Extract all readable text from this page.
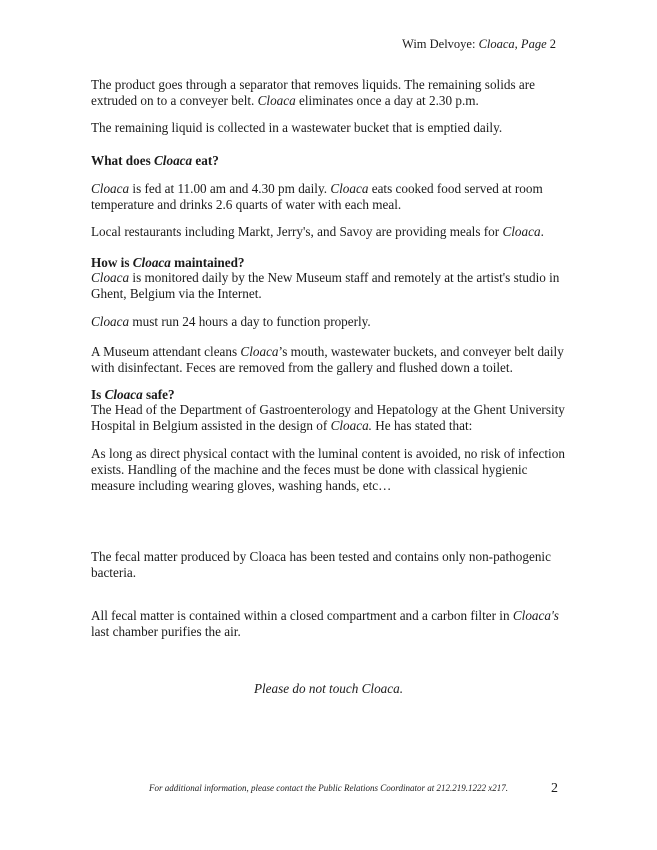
Wim Delvoye: Cloaca, Page 2

The product goes through a separator that removes liquids. The remaining solids are extruded on to a conveyer belt. Cloaca eliminates once a day at 2.30 p.m.

The remaining liquid is collected in a wastewater bucket that is emptied daily.

What does Cloaca eat?

Cloaca is fed at 11.00 am and 4.30 pm daily. Cloaca eats cooked food served at room temperature and drinks 2.6 quarts of water with each meal.

Local restaurants including Markt, Jerry's, and Savoy are providing meals for Cloaca.

How is Cloaca maintained?

Cloaca is monitored daily by the New Museum staff and remotely at the artist's studio in Ghent, Belgium via the Internet.

Cloaca must run 24 hours a day to function properly.

A Museum attendant cleans Cloaca’s mouth, wastewater buckets, and conveyer belt daily with disinfectant. Feces are removed from the gallery and flushed down a toilet.

Is Cloaca safe?

The Head of the Department of Gastroenterology and Hepatology at the Ghent University Hospital in Belgium assisted in the design of Cloaca. He has stated that:

As long as direct physical contact with the luminal content is avoided, no risk of infection exists. Handling of the machine and the feces must be done with classical hygienic measure including wearing gloves, washing hands, etc…

The fecal matter produced by Cloaca has been tested and contains only non-pathogenic bacteria.

All fecal matter is contained within a closed compartment and a carbon filter in Cloaca's last chamber purifies the air.

Please do not touch Cloaca.

For additional information, please contact the Public Relations Coordinator at 212.219.1222 x217.	2
